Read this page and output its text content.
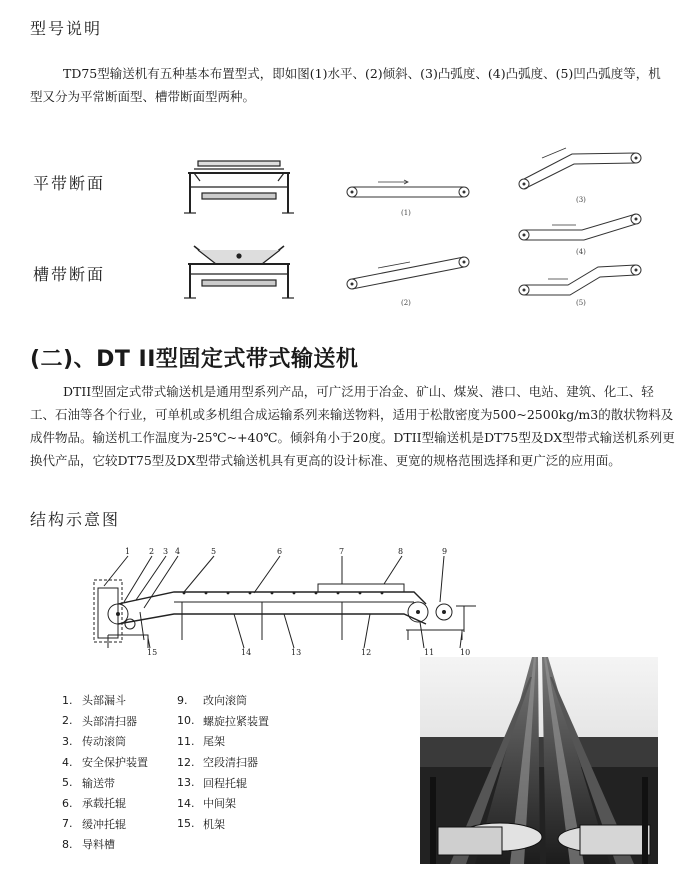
型号说明
TD75型输送机有五种基本布置型式，即如图(1)水平、(2)倾斜、(3)凸弧度、(4)凸弧度、(5)凹凸弧度等，机型又分为平常断面型、槽带断面型两种。
平带断面
槽带断面
(1)
(2)
(3)
(4)
(5)
(二)、DT II型固定式带式输送机
DTII型固定式带式输送机是通用型系列产品，可广泛用于冶金、矿山、煤炭、港口、电站、建筑、化工、轻工、石油等各个行业，可单机或多机组合成运输系列来输送物料，适用于松散密度为500~2500kg/m3的散状物料及成件物品。输送机工作温度为-25℃~+40℃。倾斜角小于20度。DTII型输送机是DT75型及DX型带式输送机系列更换代产品，它较DT75型及DX型带式输送机具有更高的设计标准、更宽的规格范围选择和更广泛的应用面。
结构示意图
1 2 3 4	5	6	7	8	9
10
11
12
13
14
15
1. 头部漏斗
2. 头部清扫器
3. 传动滚筒
4. 安全保护装置
5. 输送带
6. 承载托辊
7. 缓冲托辊
8. 导料槽
9.	改向滚筒
10. 螺旋拉紧装置
11. 尾架
12. 空段清扫器
13. 回程托辊
14. 中间架
15. 机架
